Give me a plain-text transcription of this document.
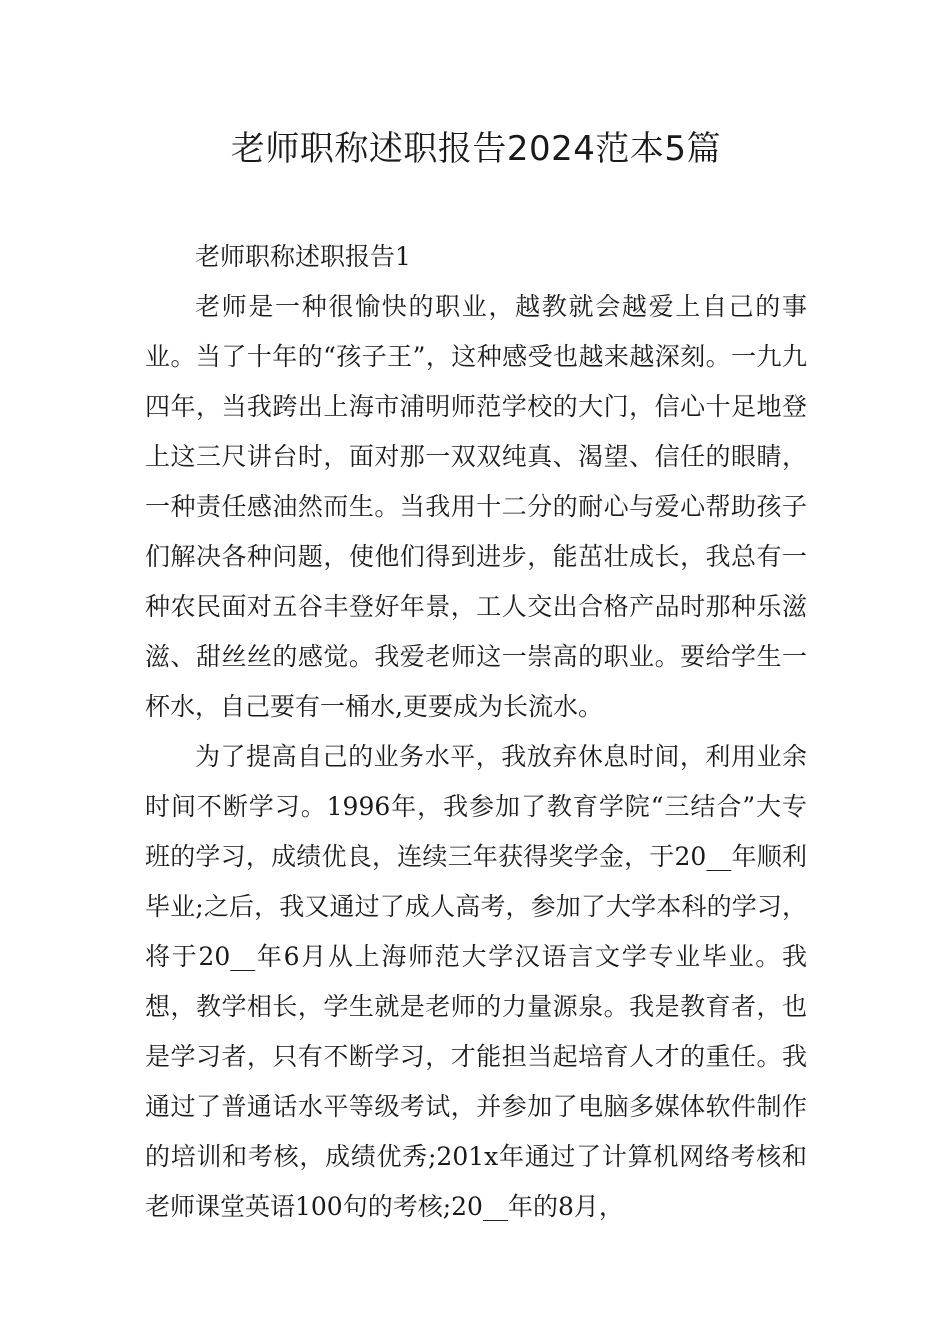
老师职称述职报告2024范本5篇

老师职称述职报告1

老师是一种很愉快的职业，越教就会越爱上自己的事业。当了十年的“孩子王”，这种感受也越来越深刻。一九九四年，当我跨出上海市浦明师范学校的大门，信心十足地登上这三尺讲台时，面对那一双双纯真、渴望、信任的眼睛，一种责任感油然而生。当我用十二分的耐心与爱心帮助孩子们解决各种问题，使他们得到进步，能茁壮成长，我总有一种农民面对五谷丰登好年景，工人交出合格产品时那种乐滋滋、甜丝丝的感觉。我爱老师这一崇高的职业。要给学生一杯水，自己要有一桶水,更要成为长流水。

为了提高自己的业务水平，我放弃休息时间，利用业余时间不断学习。1996年，我参加了教育学院“三结合”大专班的学习，成绩优良，连续三年获得奖学金，于20__年顺利毕业;之后，我又通过了成人高考，参加了大学本科的学习，将于20__年6月从上海师范大学汉语言文学专业毕业。我想，教学相长，学生就是老师的力量源泉。我是教育者，也是学习者，只有不断学习，才能担当起培育人才的重任。我通过了普通话水平等级考试，并参加了电脑多媒体软件制作的培训和考核，成绩优秀;201x年通过了计算机网络考核和老师课堂英语100句的考核;20__年的8月，
